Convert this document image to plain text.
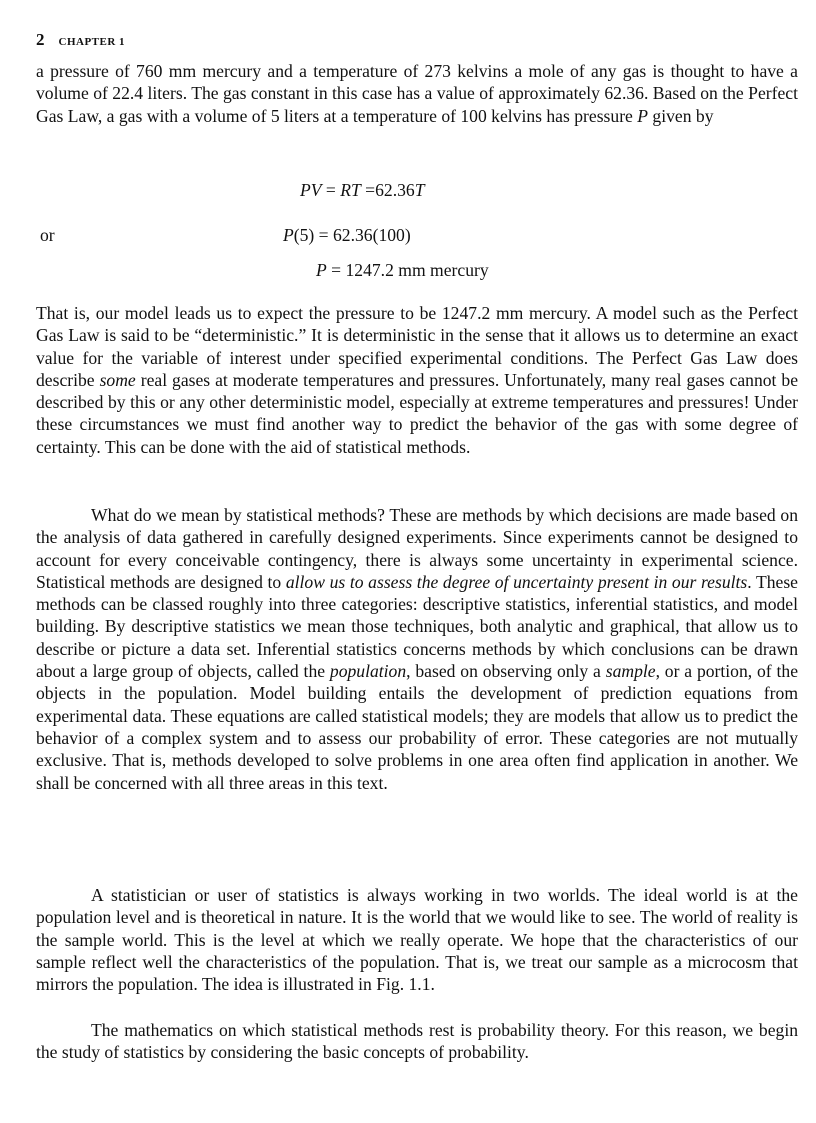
2 CHAPTER 1

a pressure of 760 mm mercury and a temperature of 273 kelvins a mole of any gas is thought to have a volume of 22.4 liters. The gas constant in this case has a value of approximately 62.36. Based on the Perfect Gas Law, a gas with a volume of 5 liters at a temperature of 100 kelvins has pressure P given by

PV = RT =62.36T
or	P(5) = 62.36(100)
P = 1247.2 mm mercury

That is, our model leads us to expect the pressure to be 1247.2 mm mercury. A model such as the Perfect Gas Law is said to be “deterministic.” It is deterministic in the sense that it allows us to determine an exact value for the variable of interest under specified experimental conditions. The Perfect Gas Law does describe some real gases at moderate temperatures and pressures. Unfortunately, many real gases cannot be described by this or any other deterministic model, especially at extreme temperatures and pressures! Under these circumstances we must find another way to predict the behavior of the gas with some degree of certainty. This can be done with the aid of statistical methods.

What do we mean by statistical methods? These are methods by which decisions are made based on the analysis of data gathered in carefully designed experiments. Since experiments cannot be designed to account for every conceivable contingency, there is always some uncertainty in experimental science. Statistical methods are designed to allow us to assess the degree of uncertainty present in our results. These methods can be classed roughly into three categories: descriptive statistics, inferential statistics, and model building. By descriptive statistics we mean those techniques, both analytic and graphical, that allow us to describe or picture a data set. Inferential statistics concerns methods by which conclusions can be drawn about a large group of objects, called the population, based on observing only a sample, or a portion, of the objects in the population. Model building entails the development of prediction equations from experimental data. These equations are called statistical models; they are models that allow us to predict the behavior of a complex system and to assess our probability of error. These categories are not mutually exclusive. That is, methods developed to solve problems in one area often find application in another. We shall be concerned with all three areas in this text.

A statistician or user of statistics is always working in two worlds. The ideal world is at the population level and is theoretical in nature. It is the world that we would like to see. The world of reality is the sample world. This is the level at which we really operate. We hope that the characteristics of our sample reflect well the characteristics of the population. That is, we treat our sample as a microcosm that mirrors the population. The idea is illustrated in Fig. 1.1.

The mathematics on which statistical methods rest is probability theory. For this reason, we begin the study of statistics by considering the basic concepts of probability.
